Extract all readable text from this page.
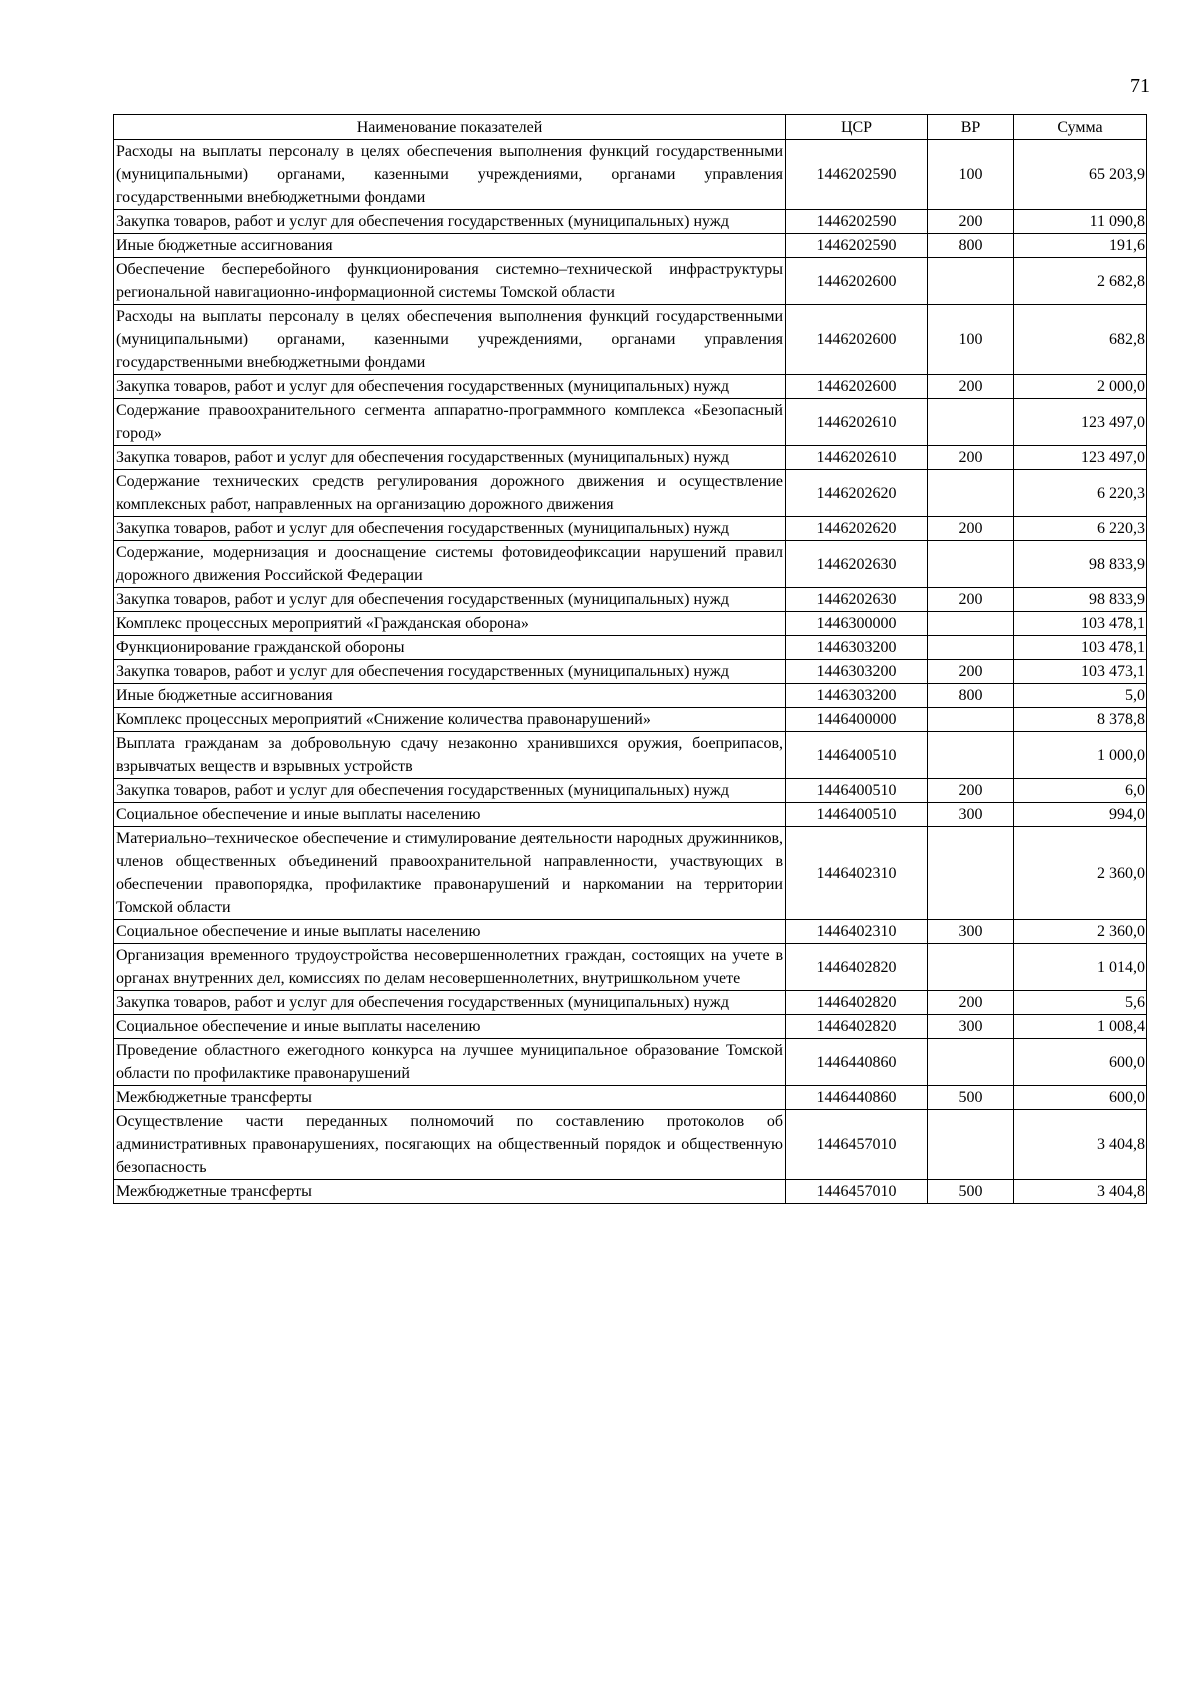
71
Наименование показателей	ЦСР	ВР	Сумма
Расходы на выплаты персоналу в целях обеспечения выполнения функций государственными (муниципальными) органами, казенными учреждениями, органами управления государственными внебюджетными фондами	1446202590	100	65 203,9
Закупка товаров, работ и услуг для обеспечения государственных (муниципальных) нужд	1446202590	200	11 090,8
Иные бюджетные ассигнования	1446202590	800	191,6
Обеспечение бесперебойного функционирования системно–технической инфраструктуры региональной навигационно-информационной системы Томской области	1446202600		2 682,8
Расходы на выплаты персоналу в целях обеспечения выполнения функций государственными (муниципальными) органами, казенными учреждениями, органами управления государственными внебюджетными фондами	1446202600	100	682,8
Закупка товаров, работ и услуг для обеспечения государственных (муниципальных) нужд	1446202600	200	2 000,0
Содержание правоохранительного сегмента аппаратно-программного комплекса «Безопасный город»	1446202610		123 497,0
Закупка товаров, работ и услуг для обеспечения государственных (муниципальных) нужд	1446202610	200	123 497,0
Содержание технических средств регулирования дорожного движения и осуществление комплексных работ, направленных на организацию дорожного движения	1446202620		6 220,3
Закупка товаров, работ и услуг для обеспечения государственных (муниципальных) нужд	1446202620	200	6 220,3
Содержание, модернизация и дооснащение системы фотовидеофиксации нарушений правил дорожного движения Российской Федерации	1446202630		98 833,9
Закупка товаров, работ и услуг для обеспечения государственных (муниципальных) нужд	1446202630	200	98 833,9
Комплекс процессных мероприятий «Гражданская оборона»	1446300000		103 478,1
Функционирование гражданской обороны	1446303200		103 478,1
Закупка товаров, работ и услуг для обеспечения государственных (муниципальных) нужд	1446303200	200	103 473,1
Иные бюджетные ассигнования	1446303200	800	5,0
Комплекс процессных мероприятий «Снижение количества правонарушений»	1446400000		8 378,8
Выплата гражданам за добровольную сдачу незаконно хранившихся оружия, боеприпасов, взрывчатых веществ и взрывных устройств	1446400510		1 000,0
Закупка товаров, работ и услуг для обеспечения государственных (муниципальных) нужд	1446400510	200	6,0
Социальное обеспечение и иные выплаты населению	1446400510	300	994,0
Материально–техническое обеспечение и стимулирование деятельности народных дружинников, членов общественных объединений правоохранительной направленности, участвующих в обеспечении правопорядка, профилактике правонарушений и наркомании на территории Томской области	1446402310		2 360,0
Социальное обеспечение и иные выплаты населению	1446402310	300	2 360,0
Организация временного трудоустройства несовершеннолетних граждан, состоящих на учете в органах внутренних дел, комиссиях по делам несовершеннолетних, внутришкольном учете	1446402820		1 014,0
Закупка товаров, работ и услуг для обеспечения государственных (муниципальных) нужд	1446402820	200	5,6
Социальное обеспечение и иные выплаты населению	1446402820	300	1 008,4
Проведение областного ежегодного конкурса на лучшее муниципальное образование Томской области по профилактике правонарушений	1446440860		600,0
Межбюджетные трансферты	1446440860	500	600,0
Осуществление части переданных полномочий по составлению протоколов об административных правонарушениях, посягающих на общественный порядок и общественную безопасность	1446457010		3 404,8
Межбюджетные трансферты	1446457010	500	3 404,8
